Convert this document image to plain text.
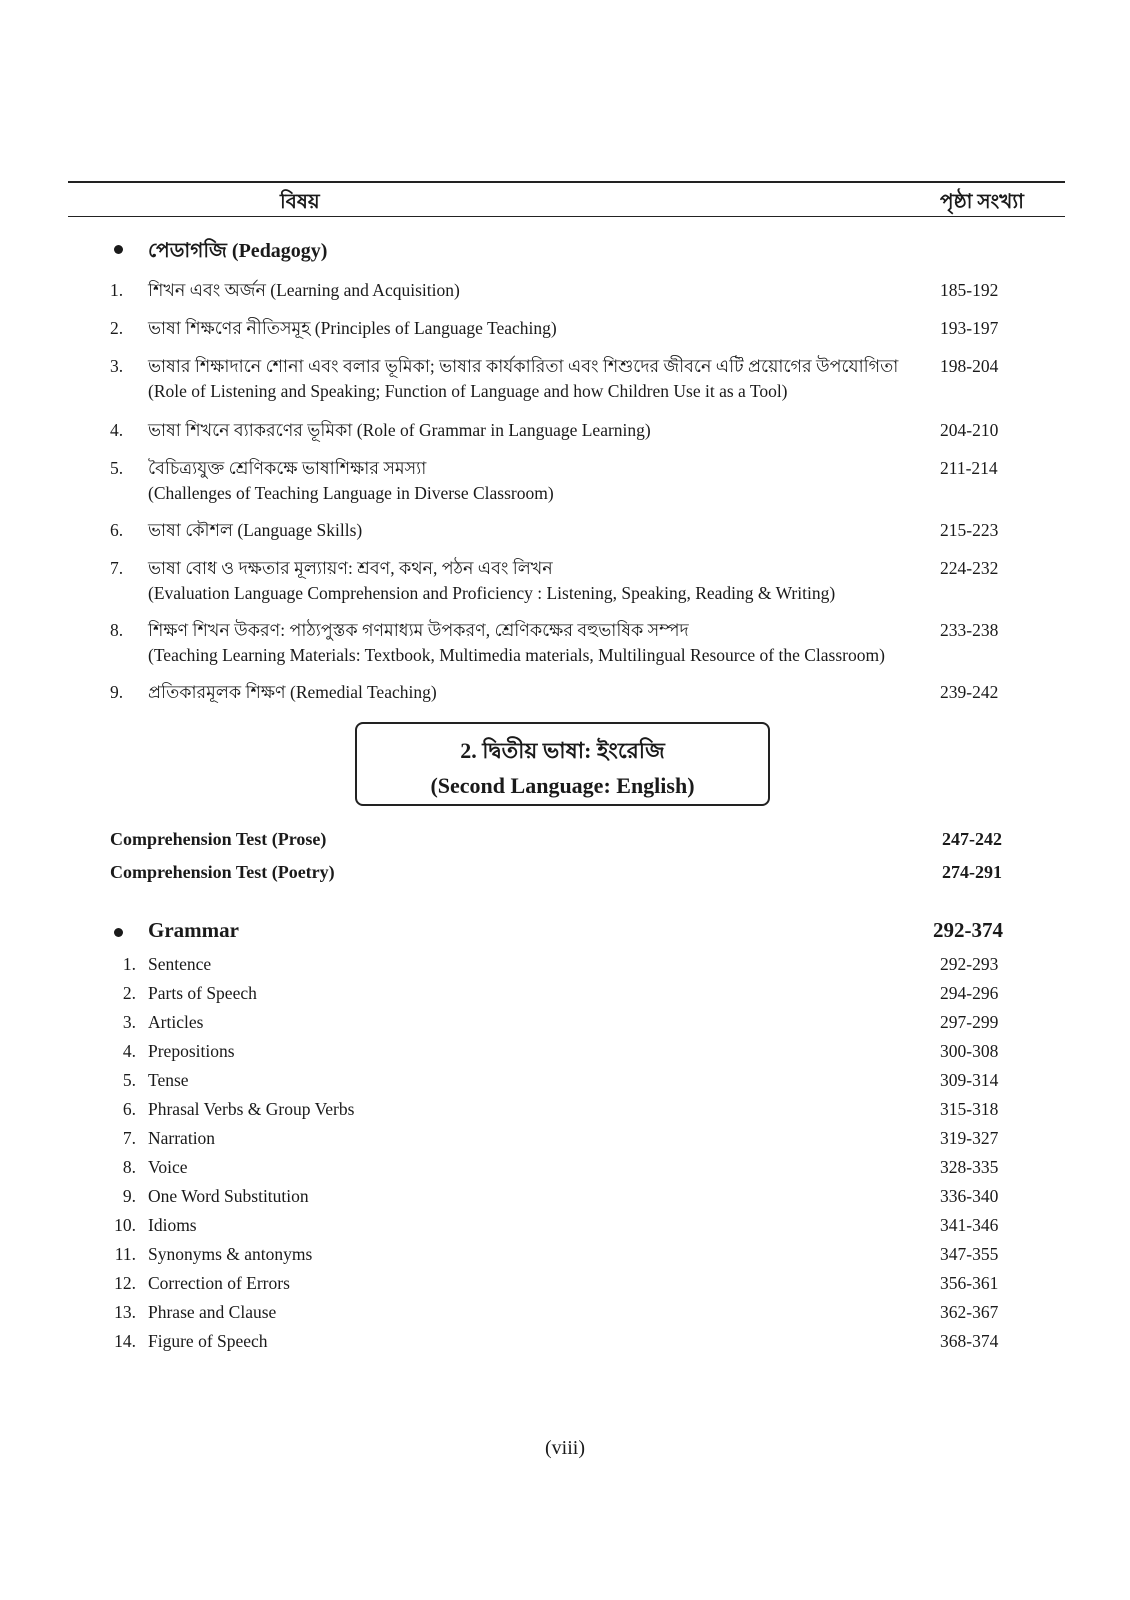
বিষয়	পৃষ্ঠা সংখ্যা
পেডাগজি (Pedagogy)
1. শিখন এবং অর্জন (Learning and Acquisition)	185-192
2. ভাষা শিক্ষণের নীতিসমূহ (Principles of Language Teaching)	193-197
3. ভাষার শিক্ষাদানে শোনা এবং বলার ভূমিকা; ভাষার কার্যকারিতা এবং শিশুদের জীবনে এটি প্রয়োগের উপযোগিতা
(Role of Listening and Speaking; Function of Language and how Children Use it as a Tool)
198-204
4. ভাষা শিখনে ব্যাকরণের ভূমিকা (Role of Grammar in Language Learning)	204-210
5. বৈচিত্র্যযুক্ত শ্রেণিকক্ষে ভাষাশিক্ষার সমস্যা
(Challenges of Teaching Language in Diverse Classroom)
211-214
6. ভাষা কৌশল (Language Skills)	215-223
7. ভাষা বোধ ও দক্ষতার মূল্যায়ণ: শ্রবণ, কথন, পঠন এবং লিখন
(Evaluation Language Comprehension and Proficiency : Listening, Speaking, Reading & Writing)
224-232
8. শিক্ষণ শিখন উকরণ: পাঠ্যপুস্তক গণমাধ্যম উপকরণ, শ্রেণিকক্ষের বহুভাষিক সম্পদ
(Teaching Learning Materials: Textbook, Multimedia materials, Multilingual Resource of the Classroom)
233-238
9. প্রতিকারমূলক শিক্ষণ (Remedial Teaching)	239-242
2. দ্বিতীয় ভাষা: ইংরেজি
(Second Language: English)
Comprehension Test (Prose)	247-242
Comprehension Test (Poetry)	274-291
Grammar	292-374
1. Sentence	292-293
2. Parts of Speech	294-296
3. Articles	297-299
4. Prepositions	300-308
5. Tense	309-314
6. Phrasal Verbs & Group Verbs	315-318
7. Narration	319-327
8. Voice	328-335
9. One Word Substitution	336-340
10. Idioms	341-346
11. Synonyms & antonyms	347-355
12. Correction of Errors	356-361
13. Phrase and Clause	362-367
14. Figure of Speech	368-374
(viii)
